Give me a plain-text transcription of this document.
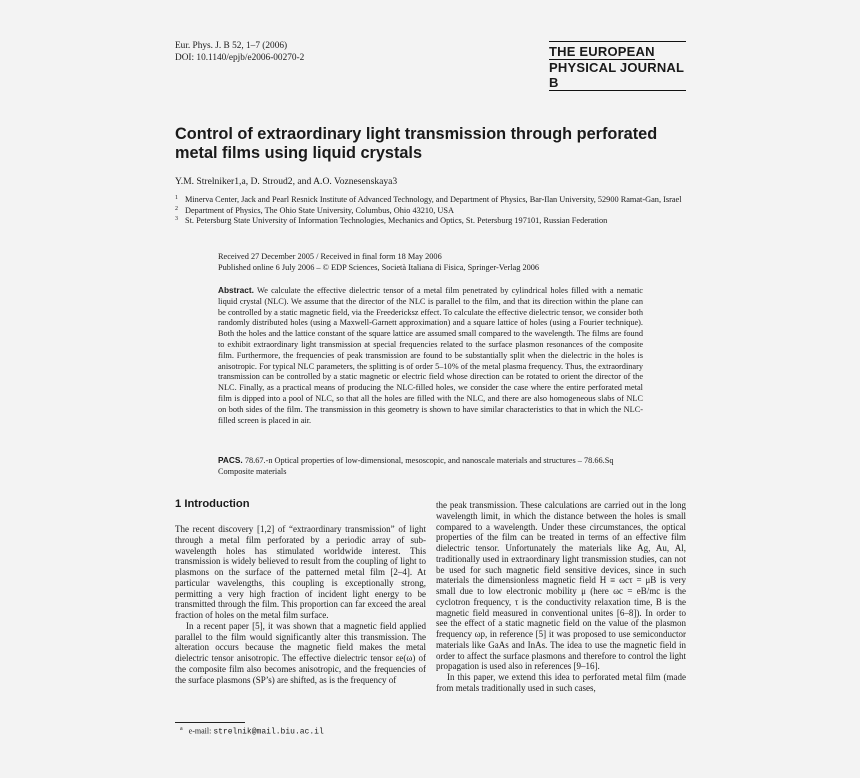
Eur. Phys. J. B 52, 1–7 (2006)
DOI: 10.1140/epjb/e2006-00270-2	THE EUROPEAN
PHYSICAL JOURNAL B
Control of extraordinary light transmission through perforated metal films using liquid crystals
Y.M. Strelniker1,a, D. Stroud2, and A.O. Voznesenskaya3
1 Minerva Center, Jack and Pearl Resnick Institute of Advanced Technology, and Department of Physics, Bar-Ilan University, 52900 Ramat-Gan, Israel
2 Department of Physics, The Ohio State University, Columbus, Ohio 43210, USA
3 St. Petersburg State University of Information Technologies, Mechanics and Optics, St. Petersburg 197101, Russian Federation
Received 27 December 2005 / Received in final form 18 May 2006
Published online 6 July 2006 – © EDP Sciences, Società Italiana di Fisica, Springer-Verlag 2006
Abstract. We calculate the effective dielectric tensor of a metal film penetrated by cylindrical holes filled with a nematic liquid crystal (NLC). We assume that the director of the NLC is parallel to the film, and that its direction within the plane can be controlled by a static magnetic field, via the Freedericksz effect. To calculate the effective dielectric tensor, we consider both randomly distributed holes (using a Maxwell-Garnett approximation) and a square lattice of holes (using a Fourier technique). Both the holes and the lattice constant of the square lattice are assumed small compared to the wavelength. The films are found to exhibit extraordinary light transmission at special frequencies related to the surface plasmon resonances of the composite film. Furthermore, the frequencies of peak transmission are found to be substantially split when the dielectric in the holes is anisotropic. For typical NLC parameters, the splitting is of order 5–10% of the metal plasma frequency. Thus, the extraordinary transmission can be controlled by a static magnetic or electric field whose direction can be rotated to orient the director of the NLC. Finally, as a practical means of producing the NLC-filled holes, we consider the case where the entire perforated metal film is dipped into a pool of NLC, so that all the holes are filled with the NLC, and there are also homogeneous slabs of NLC on both sides of the film. The transmission in this geometry is shown to have similar characteristics to that in which the NLC-filled screen is placed in air.
PACS. 78.67.-n Optical properties of low-dimensional, mesoscopic, and nanoscale materials and structures – 78.66.Sq Composite materials
1 Introduction

The recent discovery [1,2] of “extraordinary transmission” of light through a metal film perforated by a periodic array of sub-wavelength holes has stimulated worldwide interest. This transmission is widely believed to result from the coupling of light to plasmons on the surface of the patterned metal film [2–4]. At particular wavelengths, this coupling is exceptionally strong, permitting a very high fraction of incident light energy to be transmitted through the film. This proportion can far exceed the areal fraction of holes on the metal film surface.

In a recent paper [5], it was shown that a magnetic field applied parallel to the film would significantly alter this transmission. The alteration occurs because the magnetic field makes the metal dielectric tensor anisotropic. The effective dielectric tensor εe(ω) of the composite film also becomes anisotropic, and the frequencies of the surface plasmons (SP’s) are shifted, as is the frequency of

the peak transmission. These calculations are carried out in the long wavelength limit, in which the distance between the holes is small compared to a wavelength. Under these circumstances, the optical properties of the film can be treated in terms of an effective film dielectric tensor. Unfortunately the materials like Ag, Au, Al, traditionally used in extraordinary light transmission studies, can not be used for such magnetic field sensitive devices, since in such materials the dimensionless magnetic field H ≡ ωcτ = μB is very small due to low electronic mobility μ (here ωc = eB/mc is the cyclotron frequency, τ is the conductivity relaxation time, B is the magnetic field measured in conventional unites [6–8]). In order to see the effect of a static magnetic field on the value of the plasmon frequency ωp, in reference [5] it was proposed to use semiconductor materials like GaAs and InAs. The idea to use the magnetic field in order to affect the surface plasmons and therefore to control the light propagation is used also in references [9–16].

In this paper, we extend this idea to perforated metal film (made from metals traditionally used in such cases,

$^a$ e-mail: strelnik@mail.biu.ac.il
